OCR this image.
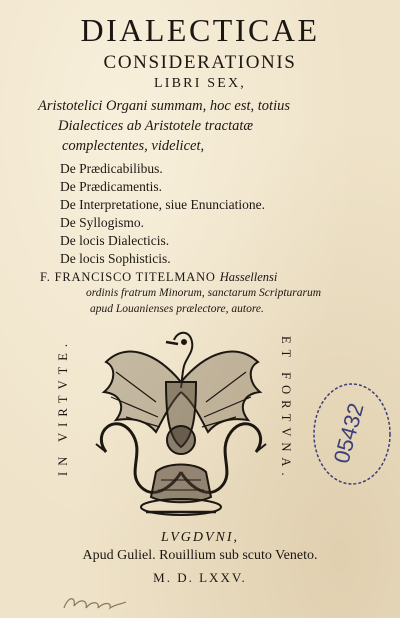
DIALECTICAE
CONSIDERATIONIS
LIBRI SEX,
Aristotelici Organi summam, hoc est, totius
Dialectices ab Aristotele tractatæ
complectentes, videlicet,
De Prædicabilibus.
De Prædicamentis.
De Interpretatione, siue Enunciatione.
De Syllogismo.
De locis Dialecticis.
De locis Sophisticis.
F. FRANCISCO TITELMANO Hassellensi
ordinis fratrum Minorum, sanctarum Scripturarum
apud Louanienses prælectore, autore.
IN VIRTVTE.	ET FORTVNA.
LVGDVNI,
Apud Guliel. Rouillium sub scuto Veneto.
M. D. LXXV.
05432
